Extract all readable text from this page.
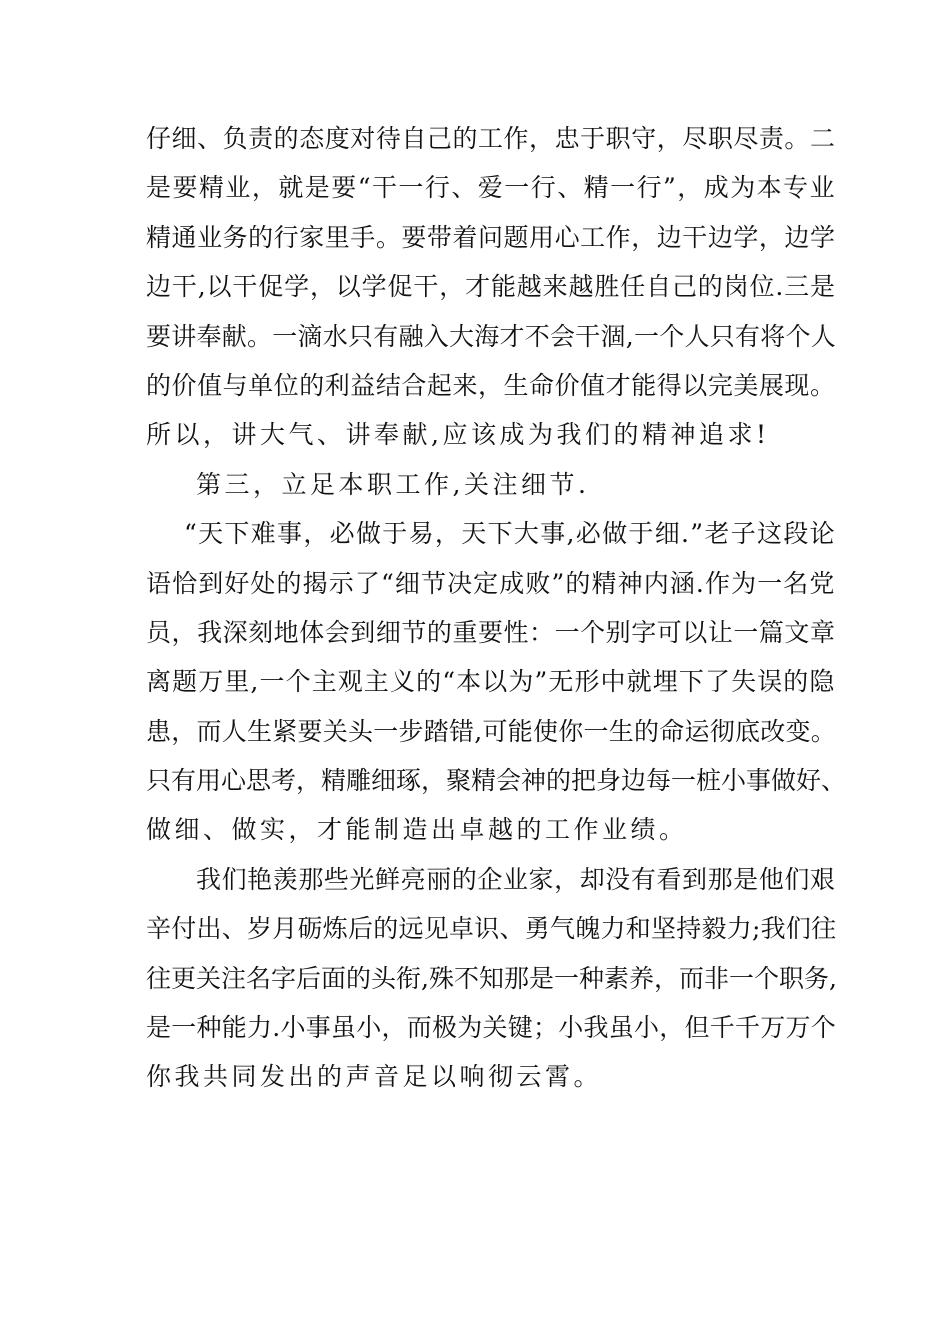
仔细、负责的态度对待自己的工作，忠于职守，尽职尽责。二
是要精业，就是要“干一行、爱一行、精一行”，成为本专业
精通业务的行家里手。要带着问题用心工作，边干边学，边学
边干,以干促学，以学促干，才能越来越胜任自己的岗位.三是
要讲奉献。一滴水只有融入大海才不会干涸,一个人只有将个人
的价值与单位的利益结合起来，生命价值才能得以完美展现。
所以，讲大气、讲奉献,应该成为我们的精神追求!
第三，立足本职工作,关注细节.
“天下难事，必做于易，天下大事,必做于细.”老子这段论
语恰到好处的揭示了“细节决定成败”的精神内涵.作为一名党
员，我深刻地体会到细节的重要性：一个别字可以让一篇文章
离题万里,一个主观主义的“本以为”无形中就埋下了失误的隐
患，而人生紧要关头一步踏错,可能使你一生的命运彻底改变。
只有用心思考，精雕细琢，聚精会神的把身边每一桩小事做好、
做细、做实，才能制造出卓越的工作业绩。
我们艳羡那些光鲜亮丽的企业家，却没有看到那是他们艰
辛付出、岁月砺炼后的远见卓识、勇气魄力和坚持毅力;我们往
往更关注名字后面的头衔,殊不知那是一种素养，而非一个职务,
是一种能力.小事虽小，而极为关键；小我虽小，但千千万万个
你我共同发出的声音足以响彻云霄。
